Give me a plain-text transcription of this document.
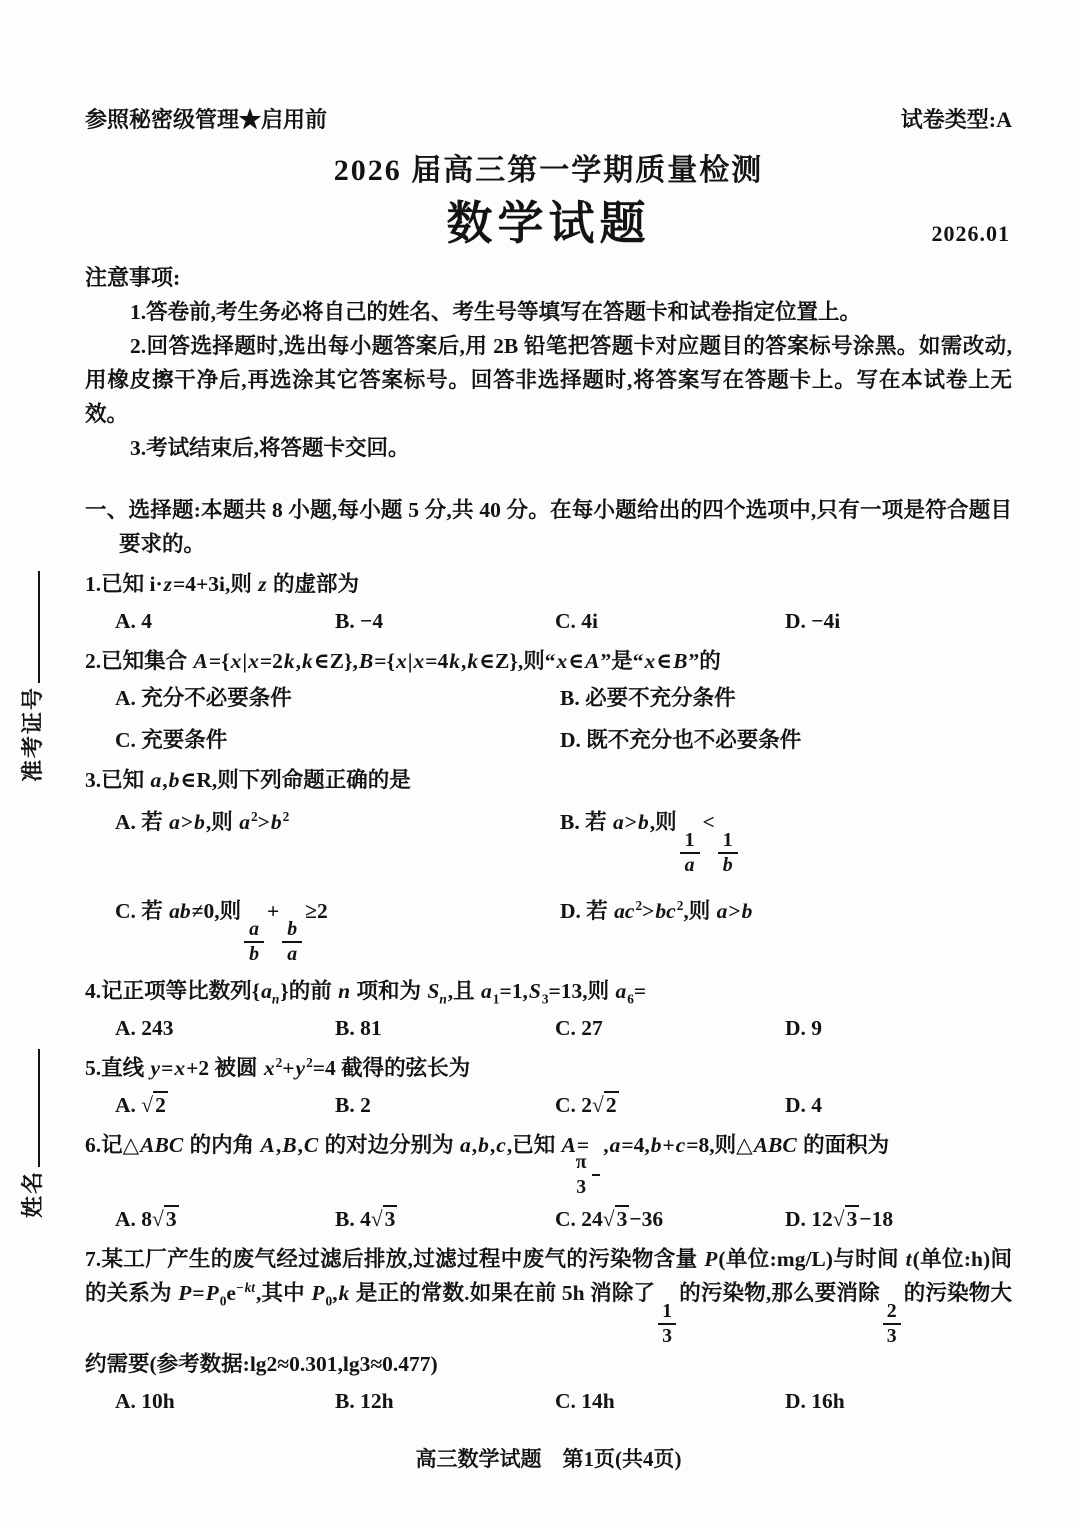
准考证号
姓名
参照秘密级管理★启用前	试卷类型:A
2026 届高三第一学期质量检测
数学试题	2026.01
注意事项:

1.答卷前,考生务必将自己的姓名、考生号等填写在答题卡和试卷指定位置上。

2.回答选择题时,选出每小题答案后,用 2B 铅笔把答题卡对应题目的答案标号涂黑。如需改动,用橡皮擦干净后,再选涂其它答案标号。回答非选择题时,将答案写在答题卡上。写在本试卷上无效。

3.考试结束后,将答题卡交回。

一、选择题:本题共 8 小题,每小题 5 分,共 40 分。在每小题给出的四个选项中,只有一项是符合题目要求的。
1.已知 i·z=4+3i,则 z 的虚部为
A. 4	B. −4	C. 4i	D. −4i
2.已知集合 A={x|x=2k,k∈Z},B={x|x=4k,k∈Z},则“x∈A”是“x∈B”的
A. 充分不必要条件	B. 必要不充分条件
C. 充要条件	D. 既不充分也不必要条件
3.已知 a,b∈R,则下列命题正确的是
A. 若 a>b,则 $a^2>b^2$	B. 若 a>b,则
$\frac{1}{a}$
<
$\frac{1}{b}$
C. 若 ab≠0,则
$\frac{a}{b}$
+
$\frac{b}{a}$
≥2	D. 若 $ac^2>bc^2$,则 a>b
4.记正项等比数列$\{a_n\}$的前 n 项和为 $S_n$,且 $a_1=1,S_3=13$,则 $a_6=$
A. 243	B. 81	C. 27	D. 9
5.直线 y=x+2 被圆 $x^2+y^2=4$ 截得的弦长为
A. √2	B. 2	C. 2√2	D. 4
6.记△ABC 的内角 A,B,C 的对边分别为 a,b,c,已知 A=
$\frac{\pi}{3}$
,a=4,b+c=8,则△ABC 的面积为
A. 8√3	B. 4√3	C. 24√3−36	D. 12√3−18
7.某工厂产生的废气经过滤后排放,过滤过程中废气的污染物含量 P(单位:mg/L)与时间 t(单位:h)间的关系为 $P=P_0e^{-kt}$,其中 $P_0,k$ 是正的常数.如果在前 5h 消除了
$\frac{1}{3}$
的污染物,那么要消除
$\frac{2}{3}$
的污染物大约需要(参考数据:lg2≈0.301,lg3≈0.477)
A. 10h	B. 12h	C. 14h	D. 16h
高三数学试题　第1页(共4页)
